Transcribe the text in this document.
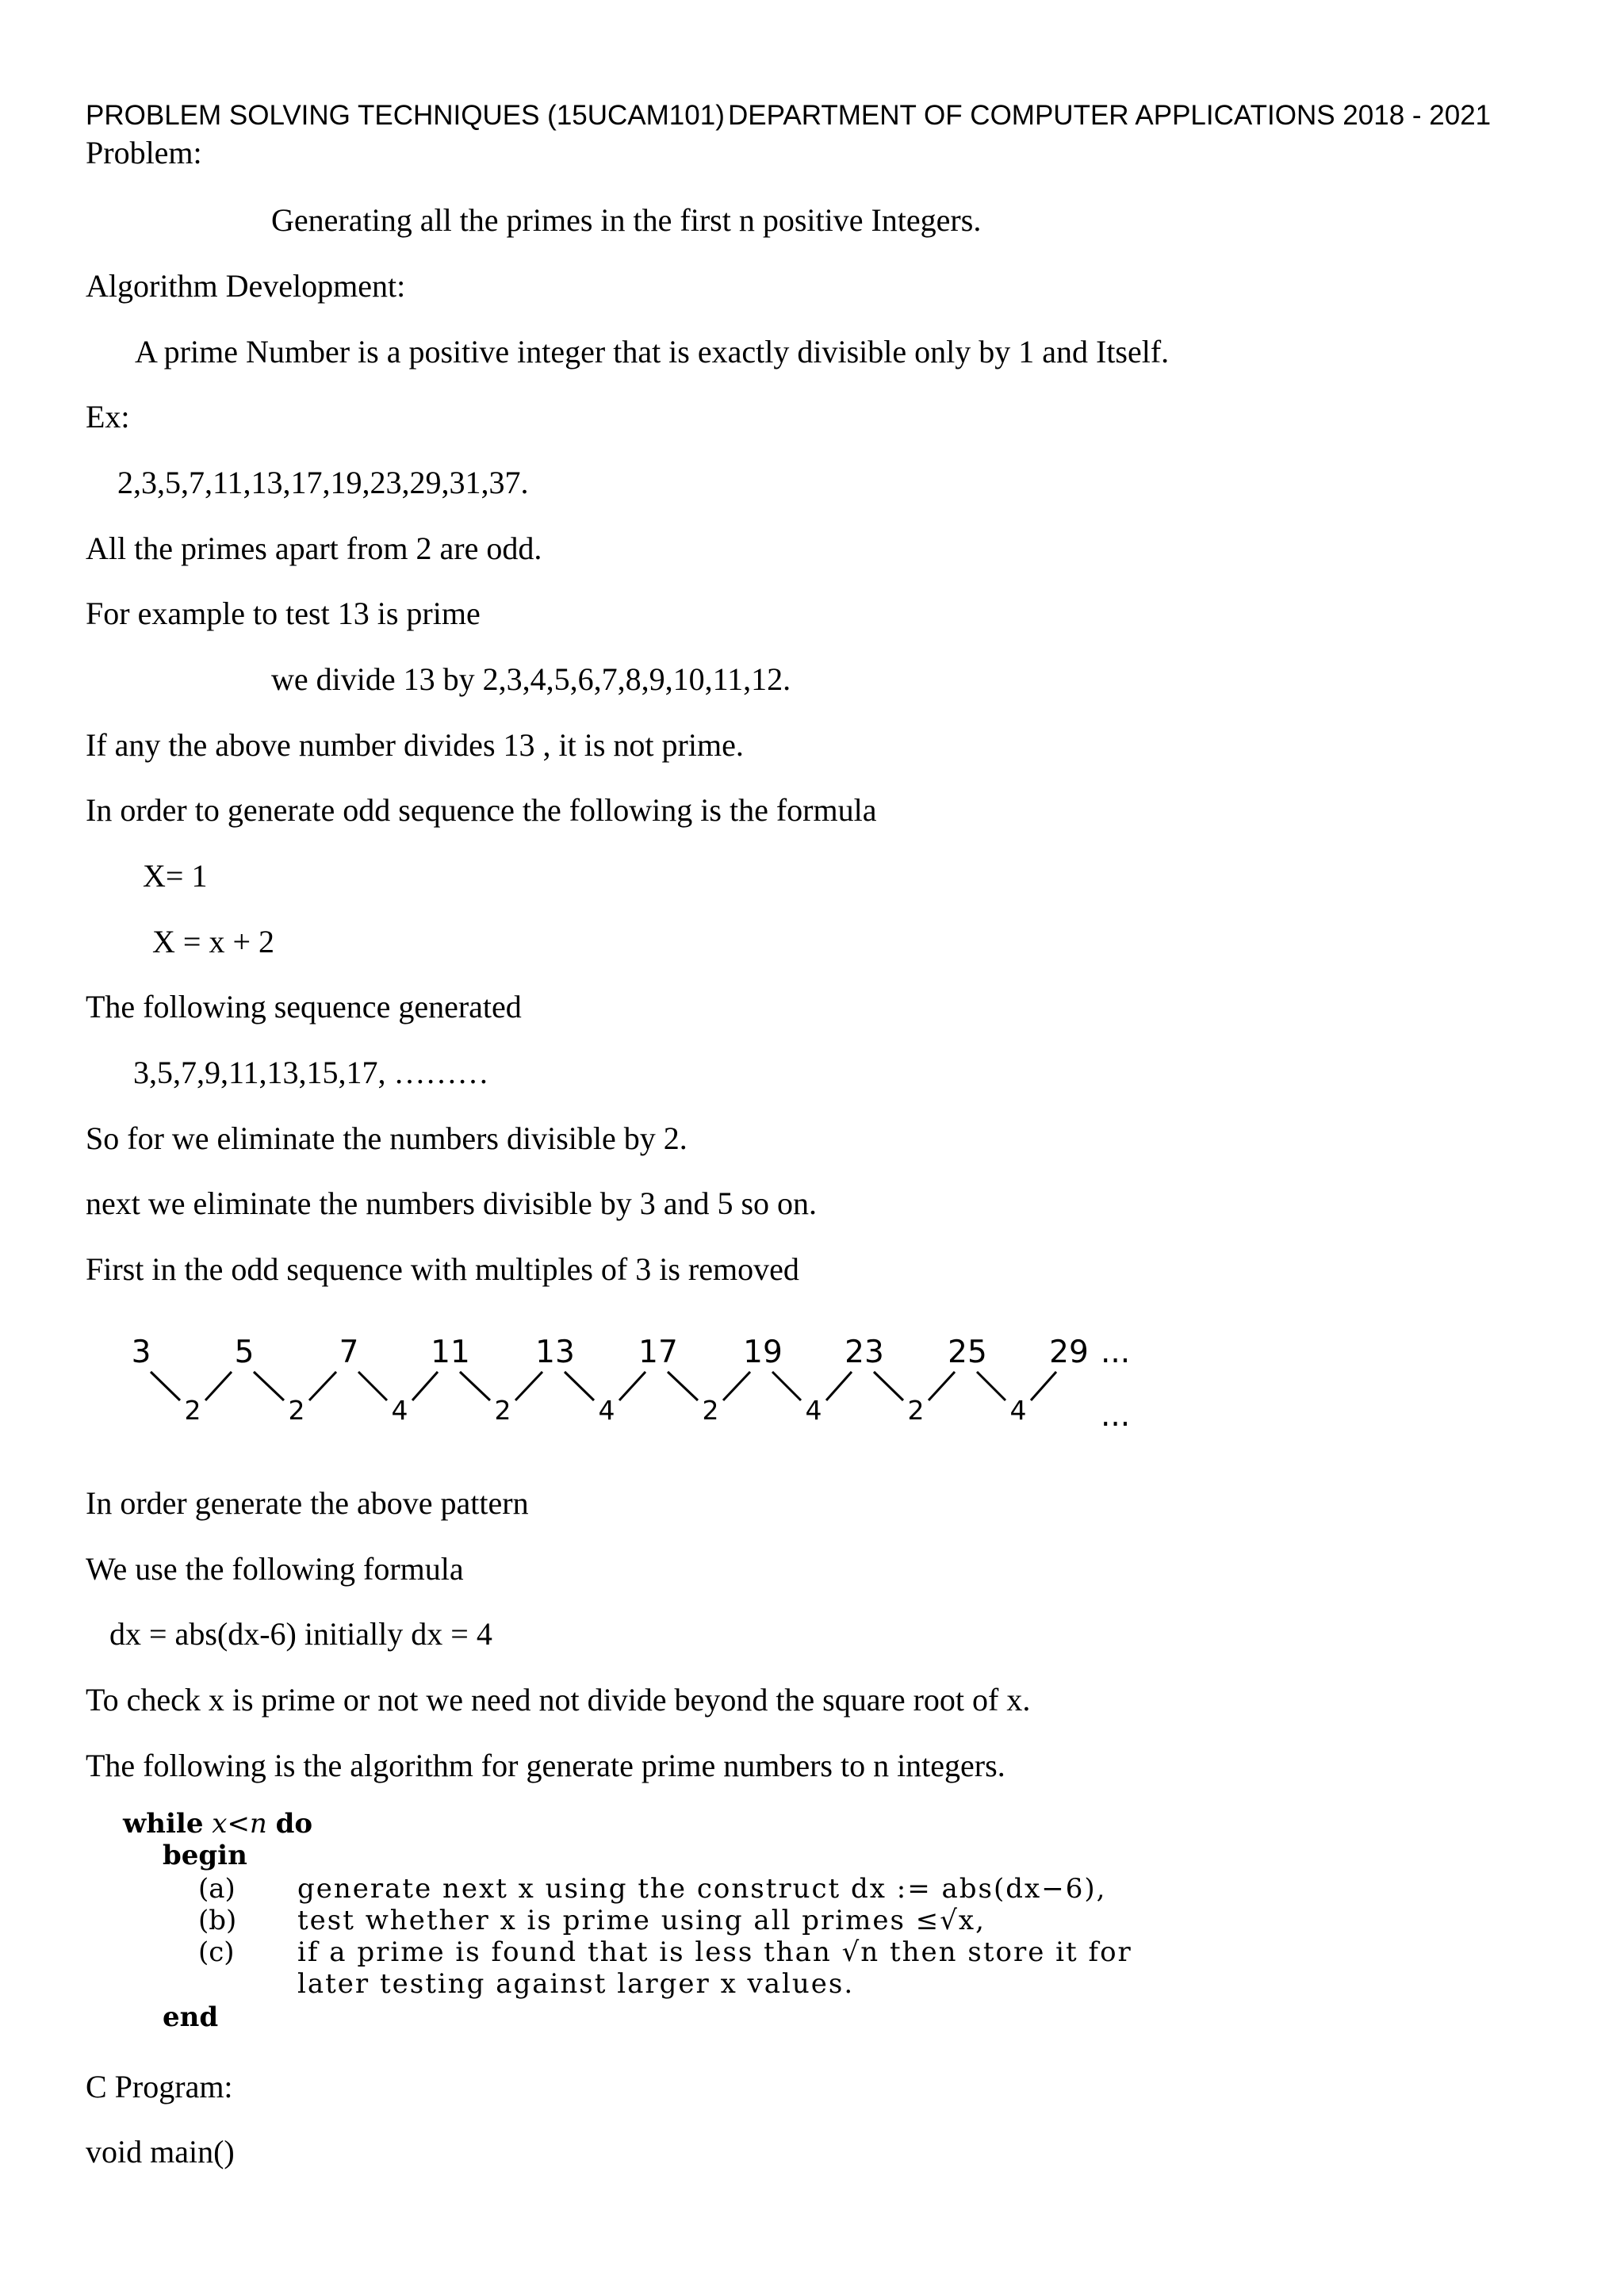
PROBLEM SOLVING TECHNIQUES (15UCAM101) DEPARTMENT OF COMPUTER APPLICATIONS 2018 - 2021
Problem:
Generating all the primes in the first n positive Integers.
Algorithm Development:
A prime Number is a positive integer that is exactly divisible only by 1 and Itself.
Ex:
2,3,5,7,11,13,17,19,23,29,31,37.
All the primes apart from 2 are odd.
For example to test 13 is prime
we divide 13 by 2,3,4,5,6,7,8,9,10,11,12.
If any the above number divides 13 , it is not prime.
In order to generate odd sequence the following is the formula
X= 1
X = x + 2
The following sequence generated
3,5,7,9,11,13,15,17, ………
So for we eliminate the numbers divisible by 2.
next we eliminate the numbers divisible by 3 and 5 so on.
First in the odd sequence with multiples of 3 is removed
3	5	7 11 13 17 19 23 25 29
2	2	4	2	4	2	4	2	4
...
...
In order generate the above pattern
We use the following formula
dx = abs(dx-6) initially dx = 4
To check x is prime or not we need not divide beyond the square root of x.
The following is the algorithm for generate prime numbers to n integers.
while x<n do
begin
(a) generate next x using the construct dx := abs(dx−6),
(b) test whether x is prime using all primes ≤√x,
(c) if a prime is found that is less than √n then store it for
later testing against larger x values.
end
C Program:
void main()
